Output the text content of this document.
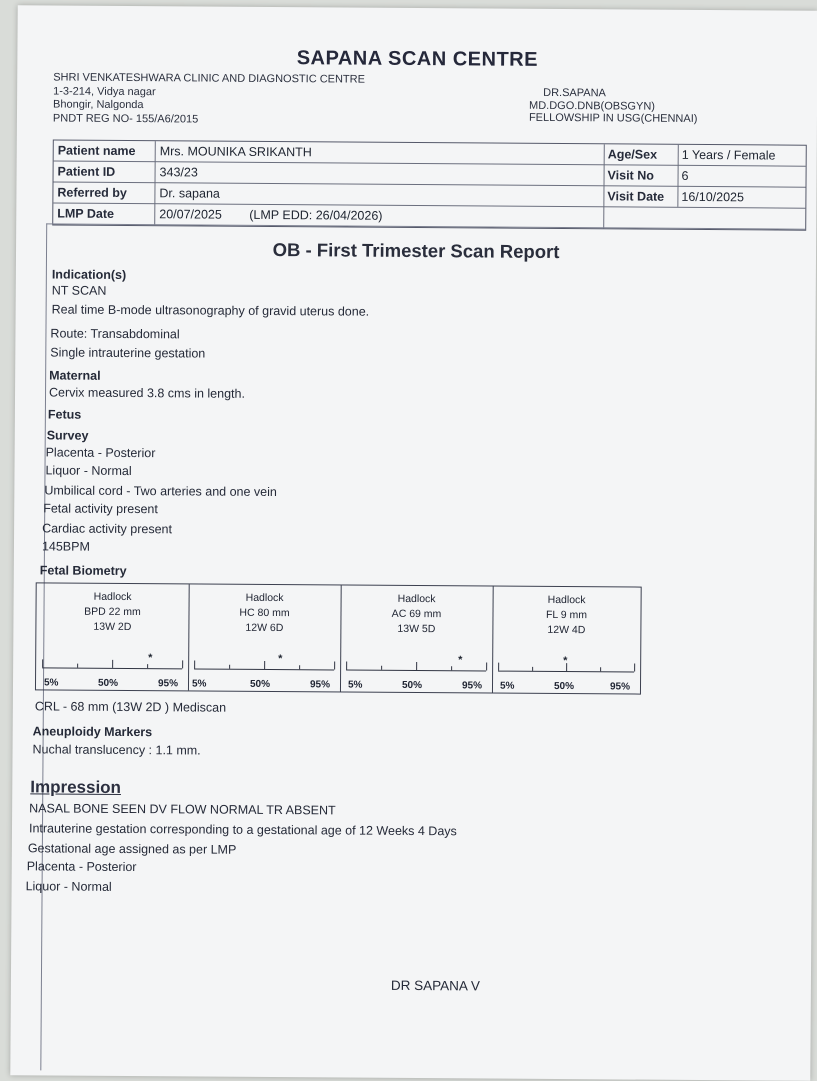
SAPANA SCAN CENTRE
SHRI VENKATESHWARA CLINIC AND DIAGNOSTIC CENTRE
1-3-214, Vidya nagar
Bhongir, Nalgonda
PNDT REG NO- 155/A6/2015
DR.SAPANA
MD.DGO.DNB(OBSGYN)
FELLOWSHIP IN USG(CHENNAI)
Patient name Mrs. MOUNIKA SRIKANTH	Age/Sex 1 Years / Female
Patient ID	343/23	Visit No 6
Referred by	Dr. sapana	Visit Date 16/10/2025
LMP Date	20/07/2025 (LMP EDD: 26/04/2026)
OB - First Trimester Scan Report
Indication(s)
NT SCAN
Real time B-mode ultrasonography of gravid uterus done.
Route: Transabdominal
Single intrauterine gestation
Maternal
Cervix measured 3.8 cms in length.
Fetus
Survey
Placenta - Posterior
Liquor - Normal
Umbilical cord - Two arteries and one vein
Fetal activity present
Cardiac activity present
145BPM
Fetal Biometry
Hadlock
BPD 22 mm
13W 2D
*
5%	50%	95%
Hadlock
HC 80 mm
12W 6D
*
5%	50%	95%
Hadlock
AC 69 mm
13W 5D
*
5%	50%	95%
Hadlock
FL 9 mm
12W 4D
*
5%	50%	95%
CRL - 68 mm (13W 2D ) Mediscan
Aneuploidy Markers
Nuchal translucency : 1.1 mm.
Impression
NASAL BONE SEEN DV FLOW NORMAL TR ABSENT
Intrauterine gestation corresponding to a gestational age of 12 Weeks 4 Days
Gestational age assigned as per LMP
Placenta - Posterior
Liquor - Normal
DR SAPANA V
